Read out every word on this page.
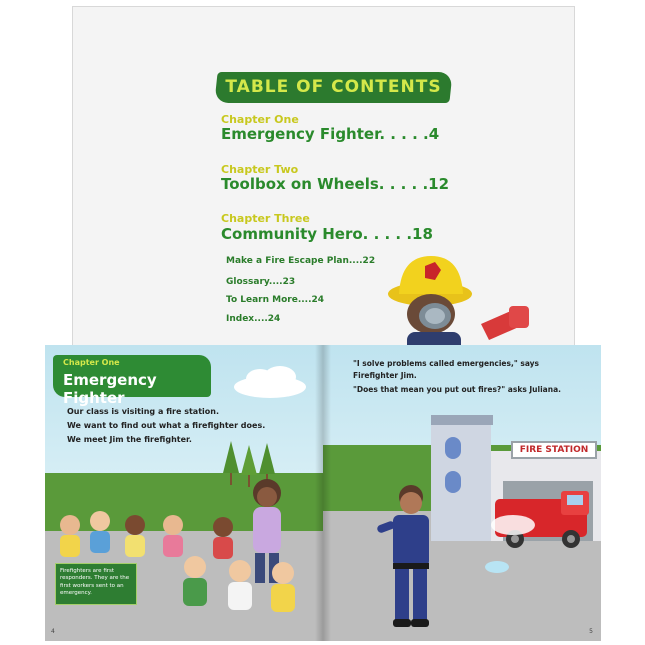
TABLE OF CONTENTS
Chapter One
Emergency Fighter. . . . .4
Chapter Two
Toolbox on Wheels. . . . .12
Chapter Three
Community Hero. . . . .18
Make a Fire Escape Plan....22
Glossary....23
To Learn More....24
Index....24
Chapter One
Emergency Fighter
Our class is visiting a fire station.
We want to find out what a firefighter does.
We meet Jim the firefighter.
Firefighters are first responders. They are the first workers sent to an emergency.
4
"I solve problems called emergencies," says
Firefighter Jim.
"Does that mean you put out fires?" asks Juliana.
FIRE STATION
5
